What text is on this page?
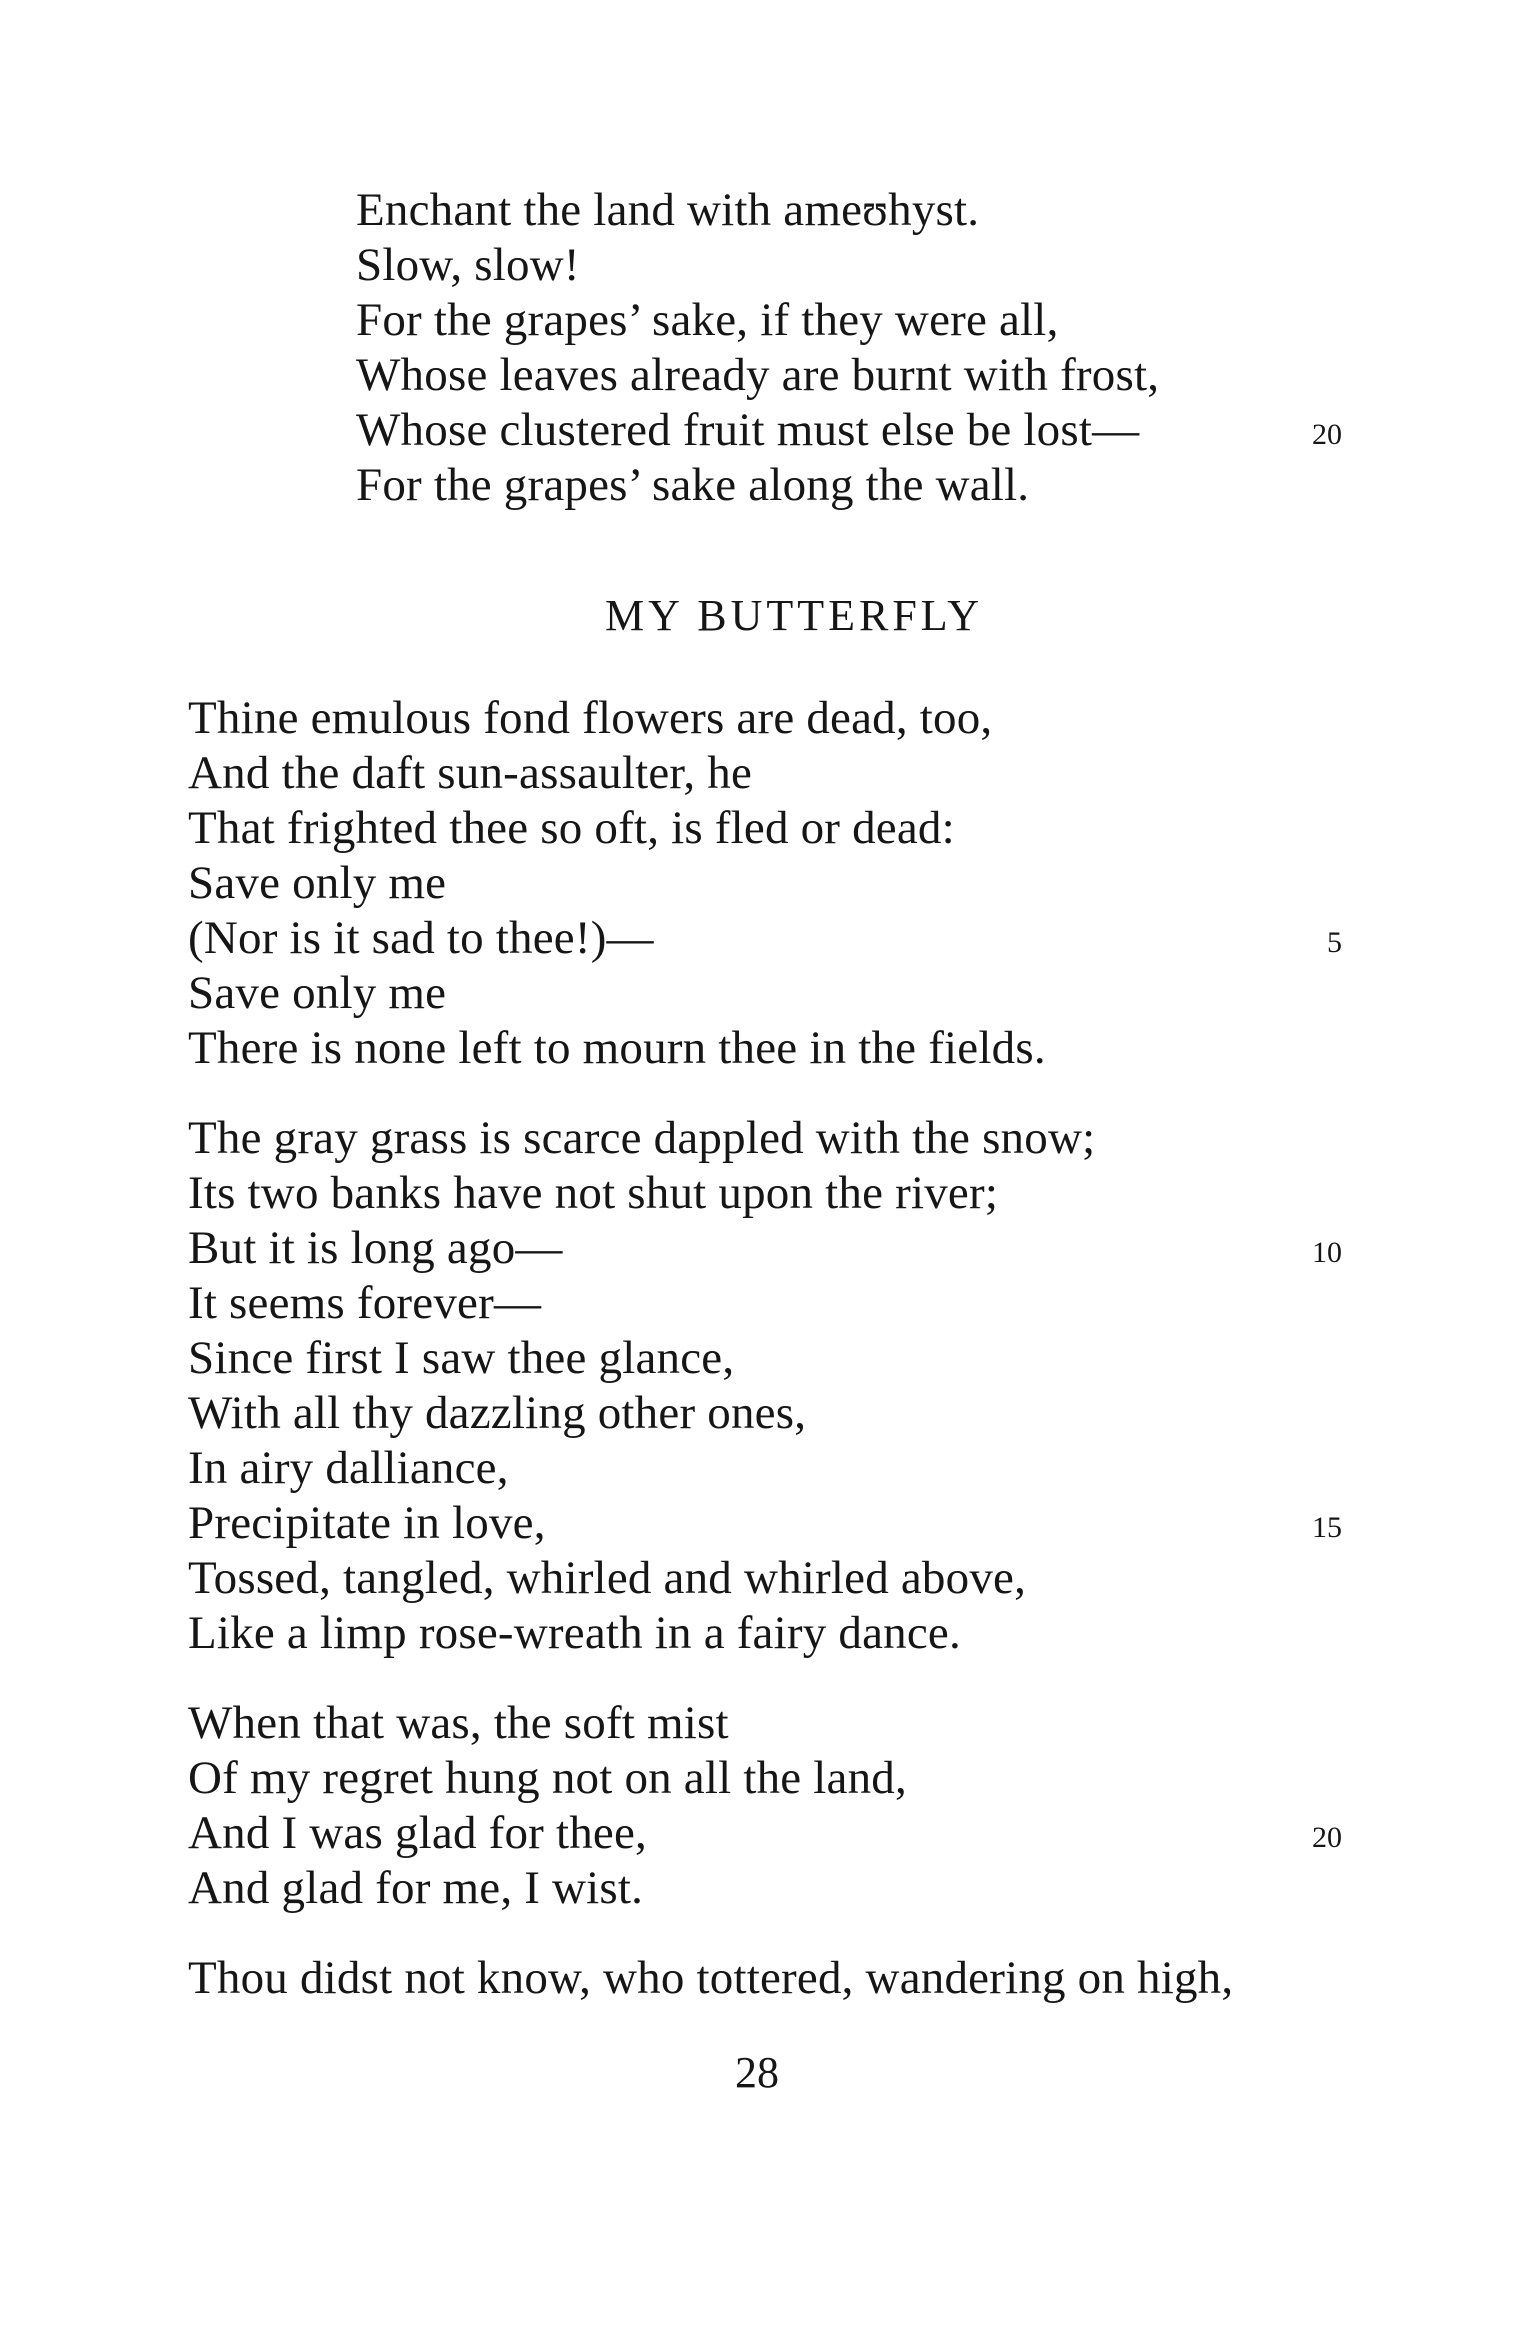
Enchant the land with ameʊhyst.
Slow, slow!
For the grapes’ sake, if they were all,
Whose leaves already are burnt with frost,
Whose clustered fruit must else be lost—	20
For the grapes’ sake along the wall.
MY BUTTERFLY
Thine emulous fond flowers are dead, too,
And the daft sun-assaulter, he
That frighted thee so oft, is fled or dead:
Save only me
(Nor is it sad to thee!)—	5
Save only me
There is none left to mourn thee in the fields.
The gray grass is scarce dappled with the snow;
Its two banks have not shut upon the river;
But it is long ago—	10
It seems forever—
Since first I saw thee glance,
With all thy dazzling other ones,
In airy dalliance,
Precipitate in love,	15
Tossed, tangled, whirled and whirled above,
Like a limp rose-wreath in a fairy dance.
When that was, the soft mist
Of my regret hung not on all the land,
And I was glad for thee,	20
And glad for me, I wist.
Thou didst not know, who tottered, wandering on high,
28
